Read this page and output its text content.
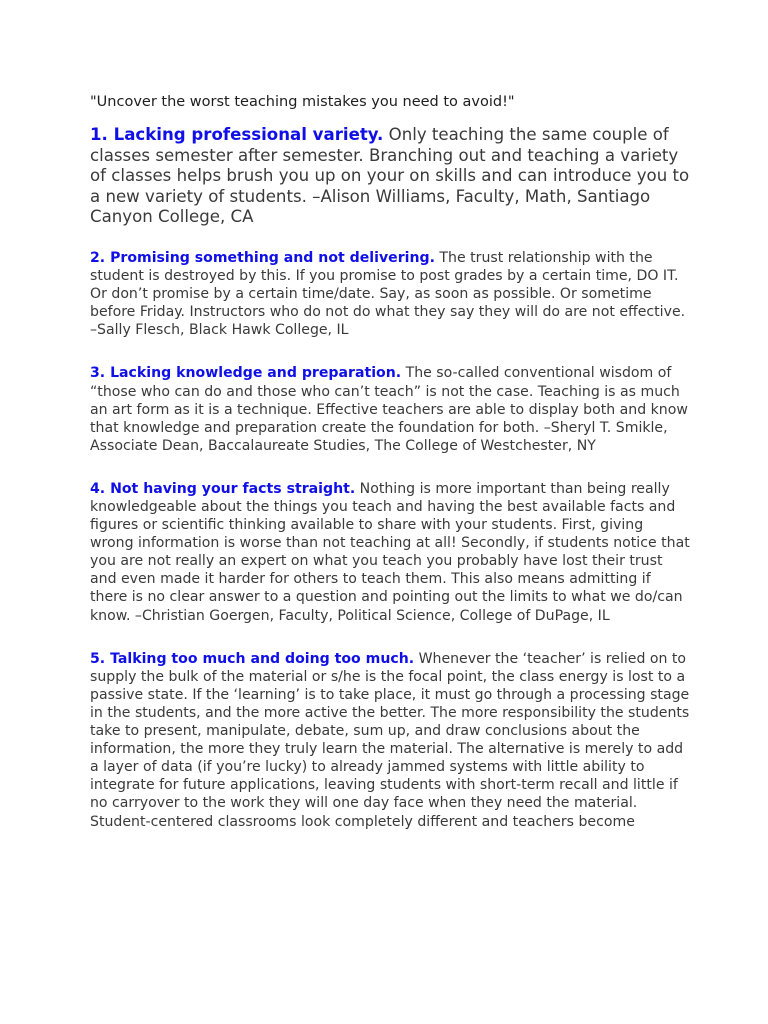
"Uncover the worst teaching mistakes you need to avoid!"

1. Lacking professional variety. Only teaching the same couple of classes semester after semester. Branching out and teaching a variety of classes helps brush you up on your on skills and can introduce you to a new variety of students. –Alison Williams, Faculty, Math, Santiago Canyon College, CA

2. Promising something and not delivering. The trust relationship with the student is destroyed by this. If you promise to post grades by a certain time, DO IT. Or don’t promise by a certain time/date. Say, as soon as possible. Or sometime before Friday. Instructors who do not do what they say they will do are not effective. –Sally Flesch, Black Hawk College, IL

3. Lacking knowledge and preparation. The so-called conventional wisdom of “those who can do and those who can’t teach” is not the case. Teaching is as much an art form as it is a technique. Effective teachers are able to display both and know that knowledge and preparation create the foundation for both. –Sheryl T. Smikle, Associate Dean, Baccalaureate Studies, The College of Westchester, NY

4. Not having your facts straight. Nothing is more important than being really knowledgeable about the things you teach and having the best available facts and figures or scientific thinking available to share with your students. First, giving wrong information is worse than not teaching at all! Secondly, if students notice that you are not really an expert on what you teach you probably have lost their trust and even made it harder for others to teach them. This also means admitting if there is no clear answer to a question and pointing out the limits to what we do/can know. –Christian Goergen, Faculty, Political Science, College of DuPage, IL

5. Talking too much and doing too much. Whenever the ‘teacher’ is relied on to supply the bulk of the material or s/he is the focal point, the class energy is lost to a passive state. If the ‘learning’ is to take place, it must go through a processing stage in the students, and the more active the better. The more responsibility the students take to present, manipulate, debate, sum up, and draw conclusions about the information, the more they truly learn the material. The alternative is merely to add a layer of data (if you’re lucky) to already jammed systems with little ability to integrate for future applications, leaving students with short-term recall and little if no carryover to the work they will one day face when they need the material. Student-centered classrooms look completely different and teachers become
